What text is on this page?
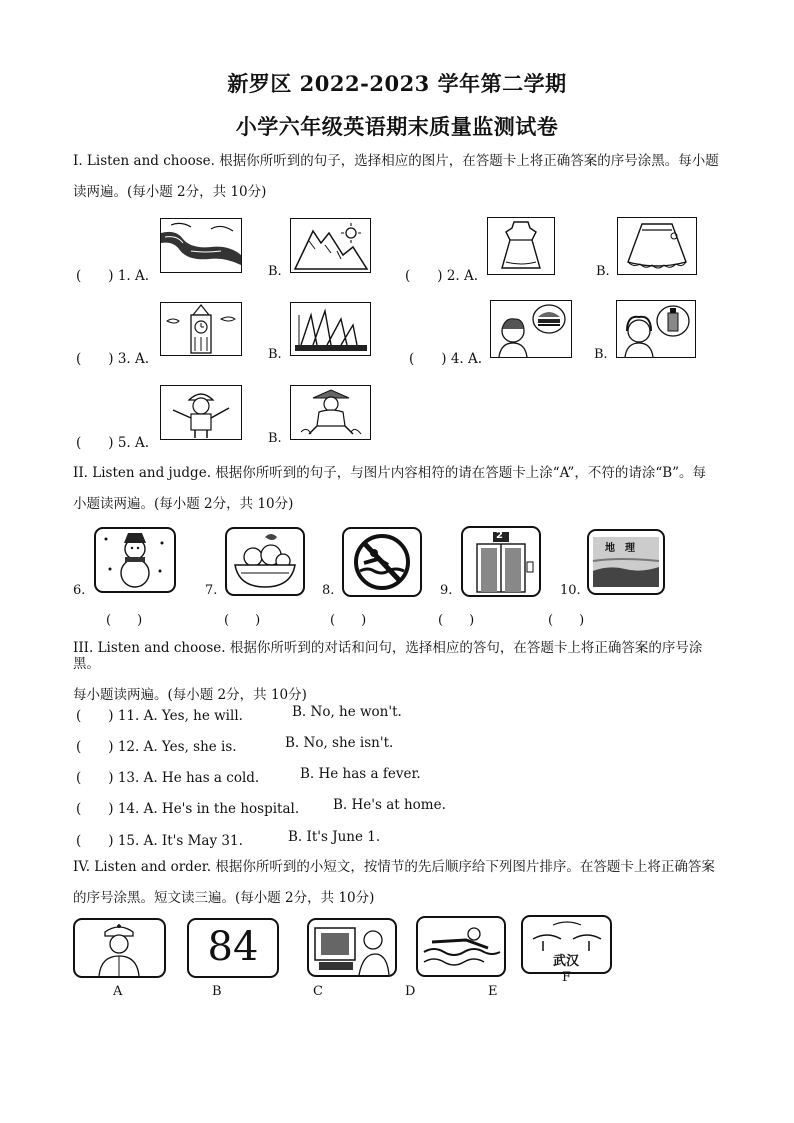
新罗区 2022-2023 学年第二学期
小学六年级英语期末质量监测试卷
I. Listen and choose. 根据你所听到的句子，选择相应的图片，在答题卡上将正确答案的序号涂黑。每小题
读两遍。(每小题 2分，共 10分)
(　　) 1. A.	B.	(　　) 2. A.	B.
(　　) 3. A.	B.	(　　) 4. A.	B.
(　　) 5. A.	B.
II. Listen and judge. 根据你所听到的句子，与图片内容相符的请在答题卡上涂“A”，不符的请涂“B”。每
小题读两遍。(每小题 2分，共 10分)
6.
(　　)
7.
(　　)
8.
(　　)
9.
2
(　　)
10.
地　理
(　　)
III. Listen and choose. 根据你所听到的对话和问句，选择相应的答句，在答题卡上将正确答案的序号涂黑。
每小题读两遍。(每小题 2分，共 10分)
(　　) 11. A. Yes, he will.	B. No, he won't.
(　　) 12. A. Yes, she is.	B. No, she isn't.
(　　) 13. A. He has a cold.	B. He has a fever.
(　　) 14. A. He's in the hospital.	B. He's at home.
(　　) 15. A. It's May 31.	B. It's June 1.
IV. Listen and order. 根据你所听到的小短文，按情节的先后顺序给下列图片排序。在答题卡上将正确答案
的序号涂黑。短文读三遍。(每小题 2分，共 10分)
84	武汉
A	B	C	D	E
F
